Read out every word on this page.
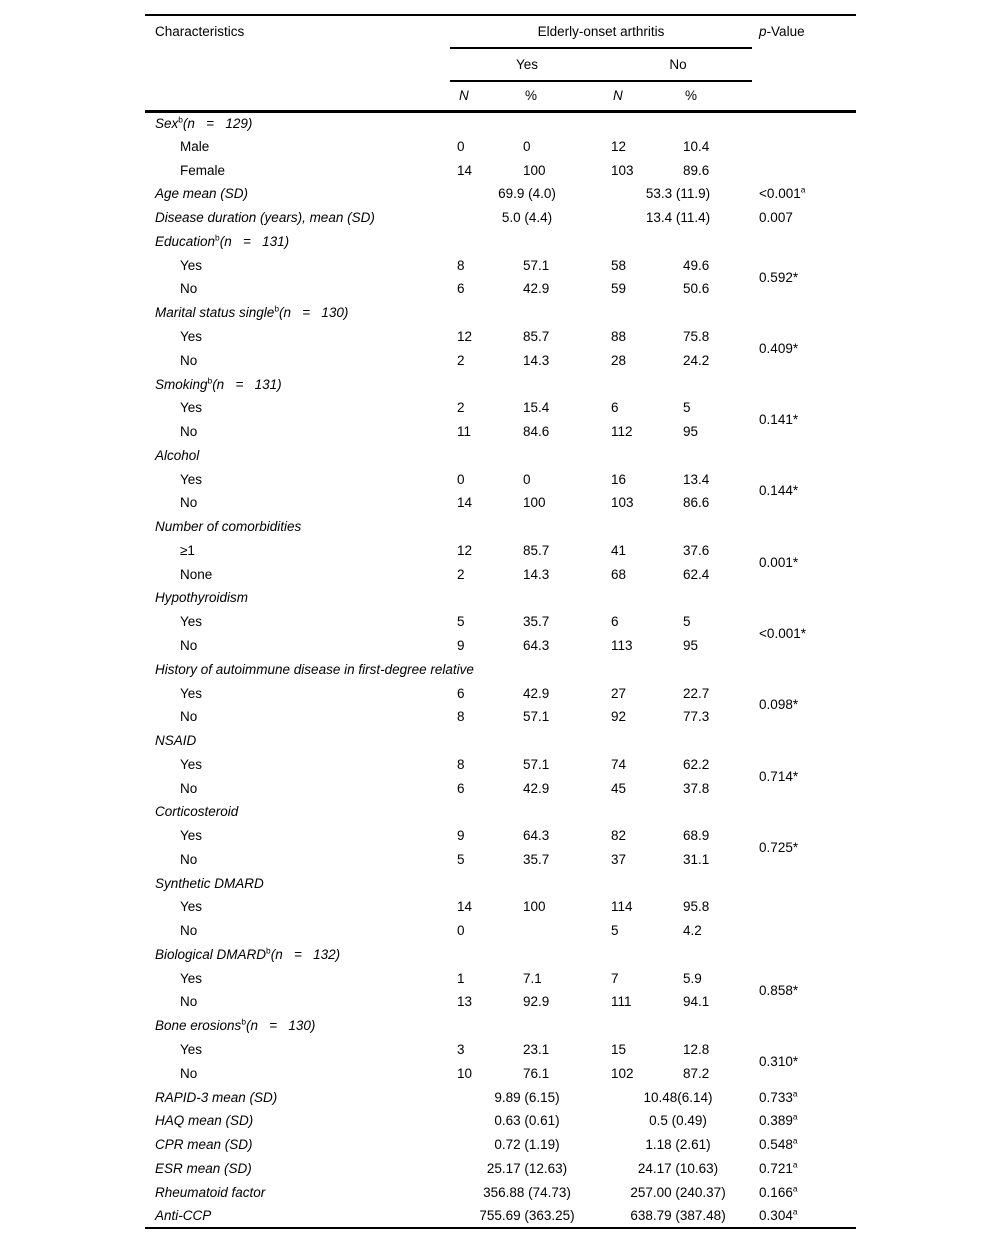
Characteristics	Elderly-onset arthritis				p-Value
	Yes		No		
	N	%	N	%	
Sex$^b$(n   =   129)					
Male	0	0	12	10.4	
Female	14	100	103	89.6	
Age mean (SD)	69.9 (4.0)		53.3 (11.9)		<0.001$^a$
Disease duration (years), mean (SD)	5.0 (4.4)		13.4 (11.4)		0.007
Education$^b$(n   =   131)					
Yes	8	57.1	58	49.6	0.592*
No	6	42.9	59	50.6	
Marital status single$^b$(n   =   130)					
Yes	12	85.7	88	75.8	0.409*
No	2	14.3	28	24.2	
Smoking$^b$(n   =   131)					
Yes	2	15.4	6	5	0.141*
No	11	84.6	112	95	
Alcohol					
Yes	0	0	16	13.4	0.144*
No	14	100	103	86.6	
Number of comorbidities					
≥1	12	85.7	41	37.6	0.001*
None	2	14.3	68	62.4	
Hypothyroidism					
Yes	5	35.7	6	5	<0.001*
No	9	64.3	113	95	
History of autoimmune disease in first-degree relative					
Yes	6	42.9	27	22.7	0.098*
No	8	57.1	92	77.3	
NSAID					
Yes	8	57.1	74	62.2	0.714*
No	6	42.9	45	37.8	
Corticosteroid					
Yes	9	64.3	82	68.9	0.725*
No	5	35.7	37	31.1	
Synthetic DMARD					
Yes	14	100	114	95.8	
No	0		5	4.2	
Biological DMARD$^b$(n   =   132)					
Yes	1	7.1	7	5.9	0.858*
No	13	92.9	111	94.1	
Bone erosions$^b$(n   =   130)					
Yes	3	23.1	15	12.8	0.310*
No	10	76.1	102	87.2	
RAPID-3 mean (SD)	9.89 (6.15)		10.48(6.14)		0.733$^a$
HAQ mean (SD)	0.63 (0.61)		0.5 (0.49)		0.389$^a$
CPR mean (SD)	0.72 (1.19)		1.18 (2.61)		0.548$^a$
ESR mean (SD)	25.17 (12.63)		24.17 (10.63)		0.721$^a$
Rheumatoid factor	356.88 (74.73)		257.00 (240.37)		0.166$^a$
Anti-CCP	755.69 (363.25)		638.79 (387.48)		0.304$^a$
